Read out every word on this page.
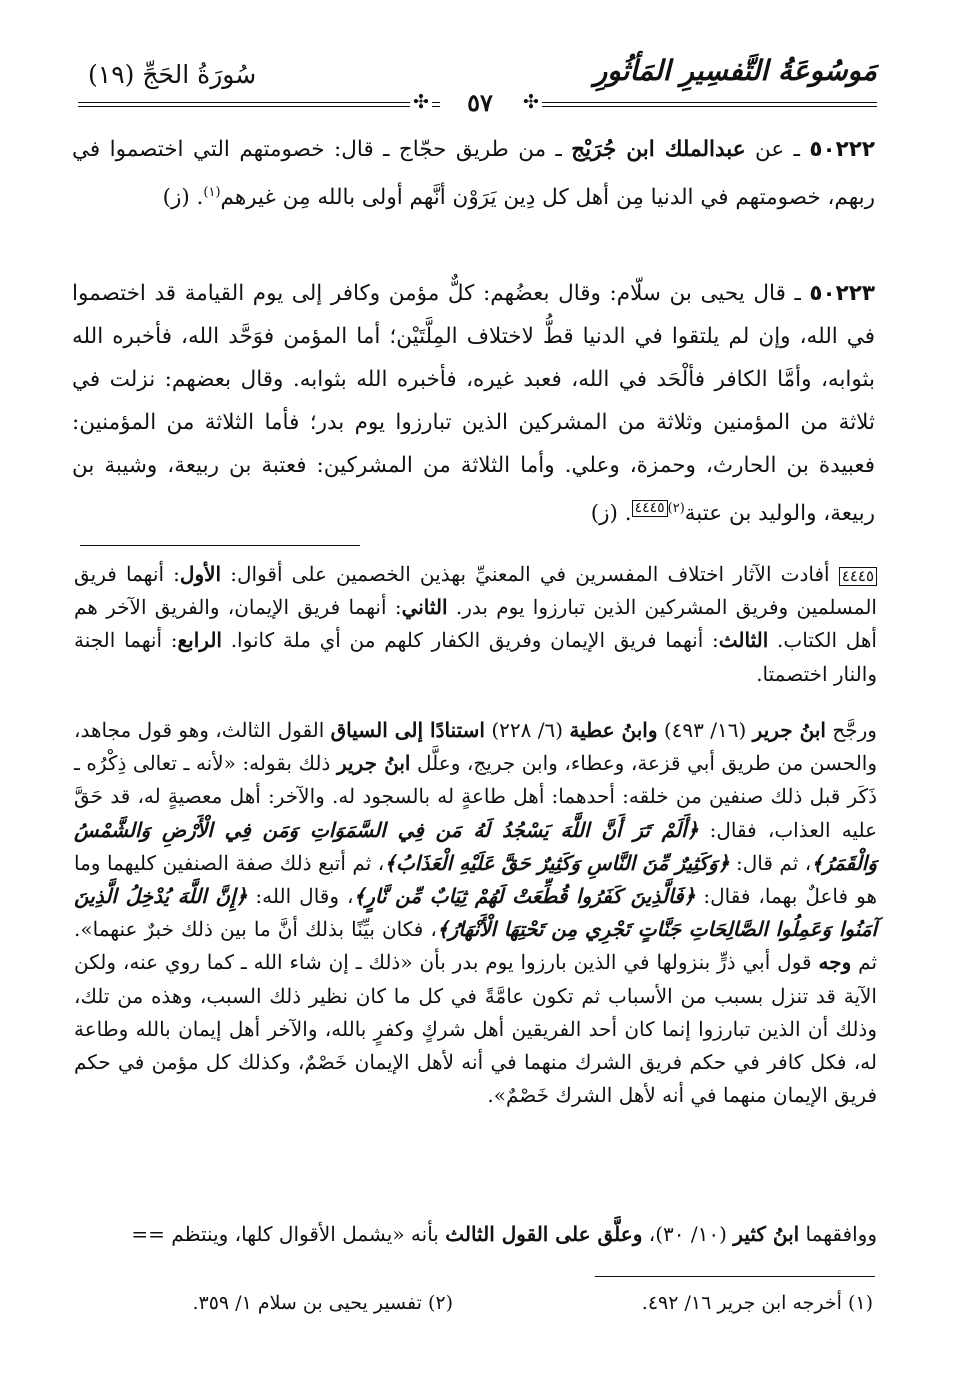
مَوسُوعَةُ التَّفسِيرِ المَأثُورِ
سُورَةُ الحَجِّ (١٩)
✣	٥٧	✣
٥٠٢٢٢ ـ عن عبدالملك ابن جُرَيْج ـ من طريق حجّاج ـ قال: خصومتهم التي اختصموا في ربهم، خصومتهم في الدنيا مِن أهل كل دِين يَرَوْن أنَّهم أولى بالله مِن غيرهم$^{(١)}$. (ز)
٥٠٢٢٣ ـ قال يحيى بن سلّام: وقال بعضُهم: كلٌّ مؤمن وكافر إلى يوم القيامة قد اختصموا في الله، وإن لم يلتقوا في الدنيا قطُّ لاختلاف المِلَّتَيْن؛ أما المؤمن فوَحَّد الله، فأخبره الله بثوابه، وأمَّا الكافر فألْحَد في الله، فعبد غيره، فأخبره الله بثوابه. وقال بعضهم: نزلت في ثلاثة من المؤمنين وثلاثة من المشركين الذين تبارزوا يوم بدر؛ فأما الثلاثة من المؤمنين: فعبيدة بن الحارث، وحمزة، وعلي. وأما الثلاثة من المشركين: فعتبة بن ربيعة، وشيبة بن ربيعة، والوليد بن عتبة$^{(٢)}$٤٤٤٥. (ز)
٤٤٤٥ أفادت الآثار اختلاف المفسرين في المعنيِّ بهذين الخصمين على أقوال: الأول: أنهما فريق المسلمين وفريق المشركين الذين تبارزوا يوم بدر. الثاني: أنهما فريق الإيمان، والفريق الآخر هم أهل الكتاب. الثالث: أنهما فريق الإيمان وفريق الكفار كلهم من أي ملة كانوا. الرابع: أنهما الجنة والنار اختصمتا.
ورجَّح ابنُ جرير (١٦/ ٤٩٣) وابنُ عطية (٦/ ٢٢٨) استنادًا إلى السياق القول الثالث، وهو قول مجاهد، والحسن من طريق أبي قزعة، وعطاء، وابن جريج، وعلَّل ابنُ جرير ذلك بقوله: «لأنه ـ تعالى ذِكْرُه ـ ذَكَر قبل ذلك صنفين من خلقه: أحدهما: أهل طاعةٍ له بالسجود له. والآخر: أهل معصيةٍ له، قد حَقَّ عليه العذاب، فقال: ﴿أَلَمْ تَرَ أَنَّ اللَّهَ يَسْجُدُ لَهُ مَن فِي السَّمَوَاتِ وَمَن فِي الْأَرْضِ وَالشَّمْسُ وَالْقَمَرُ﴾، ثم قال: ﴿وَكَثِيرٌ مِّنَ النَّاسِ وَكَثِيرٌ حَقَّ عَلَيْهِ الْعَذَابُ﴾، ثم أتبع ذلك صفة الصنفين كليهما وما هو فاعلٌ بهما، فقال: ﴿فَالَّذِينَ كَفَرُوا قُطِّعَتْ لَهُمْ ثِيَابٌ مِّن نَّارٍ﴾، وقال الله: ﴿إِنَّ اللَّهَ يُدْخِلُ الَّذِينَ آمَنُوا وَعَمِلُوا الصَّالِحَاتِ جَنَّاتٍ تَجْرِي مِن تَحْتِهَا الْأَنْهَارُ﴾، فكان بيِّنًا بذلك أنَّ ما بين ذلك خبرٌ عنهما». ثم وجه قول أبي ذرٍّ بنزولها في الذين بارزوا يوم بدر بأن «ذلك ـ إن شاء الله ـ كما روي عنه، ولكن الآية قد تنزل بسبب من الأسباب ثم تكون عامَّةً في كل ما كان نظير ذلك السبب، وهذه من تلك، وذلك أن الذين تبارزوا إنما كان أحد الفريقين أهل شركٍ وكفرٍ بالله، والآخر أهل إيمان بالله وطاعة له، فكل كافر في حكم فريق الشرك منهما في أنه لأهل الإيمان خَصْمٌ، وكذلك كل مؤمن في حكم فريق الإيمان منهما في أنه لأهل الشرك خَصْمٌ».
ووافقهما ابنُ كثير (١٠/ ٣٠)، وعلَّق على القول الثالث بأنه «يشمل الأقوال كلها، وينتظم ==
(١) أخرجه ابن جرير ١٦/ ٤٩٢.
(٢) تفسير يحيى بن سلام ١/ ٣٥٩.
